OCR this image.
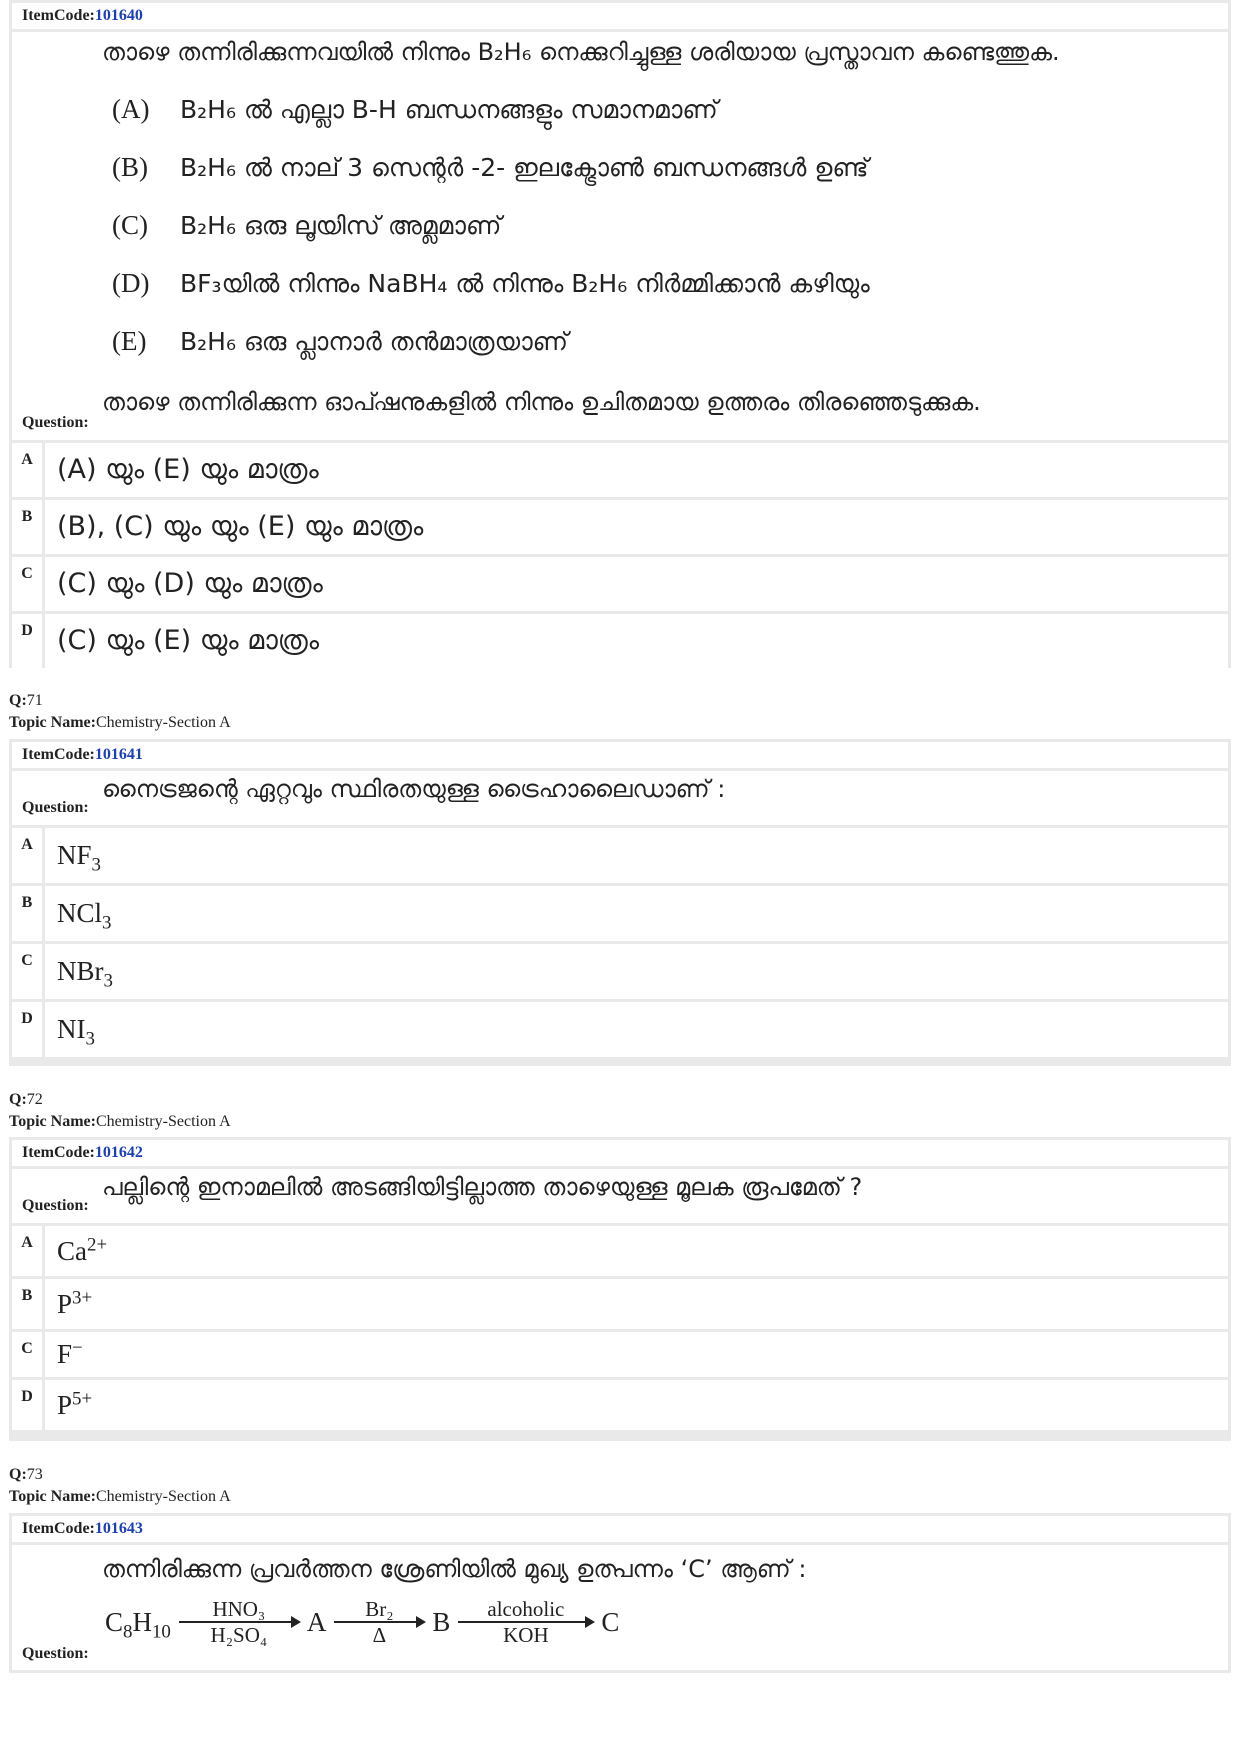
ItemCode:101640
താഴെ തന്നിരിക്കുന്നവയിൽ നിന്നും B₂H₆ നെക്കുറിച്ചുള്ള ശരിയായ പ്രസ്താവന കണ്ടെത്തുക.
(A) B₂H₆ ൽ എല്ലാ B-H ബന്ധനങ്ങളും സമാനമാണ്
(B) B₂H₆ ൽ നാല് 3 സെന്റർ -2- ഇലക്ട്രോൺ ബന്ധനങ്ങൾ ഉണ്ട്
(C) B₂H₆ ഒരു ലൂയിസ് അമ്ലമാണ്
(D) BF₃യിൽ നിന്നും NaBH₄ ൽ നിന്നും B₂H₆ നിർമ്മിക്കാൻ കഴിയും
(E) B₂H₆ ഒരു പ്ലാനാർ തൻമാത്രയാണ്
താഴെ തന്നിരിക്കുന്ന ഓപ്ഷനുകളിൽ നിന്നും ഉചിതമായ ഉത്തരം തിരഞ്ഞെടുക്കുക.
Question:
A (A) യും (E) യും മാത്രം
B (B), (C) യും യും (E) യും മാത്രം
C (C) യും (D) യും മാത്രം
D (C) യും (E) യും മാത്രം
Q:71
Topic Name:Chemistry-Section A
ItemCode:101641
നൈട്രജന്റെ ഏറ്റവും സ്ഥിരതയുള്ള ട്രൈഹാലൈഡാണ് :
Question:
A $NF_3$
B NCl$_3$
C NBr$_3$
D $NI_3$
Q:72
Topic Name:Chemistry-Section A
ItemCode:101642
പല്ലിന്റെ ഇനാമലിൽ അടങ്ങിയിട്ടില്ലാത്ത താഴെയുള്ള മൂലക രൂപമേത് ?
Question:
A $Ca^{2+}$
B $P^{3+}$
C F−
D $P^{5+}$
Q:73
Topic Name:Chemistry-Section A
ItemCode:101643
തന്നിരിക്കുന്ന പ്രവർത്തന ശ്രേണിയിൽ മുഖ്യ ഉത്പന്നം ‘C’ ആണ് :
Question:
$C_8H_{10}$
HNO₃
H₂SO₄ A Br₂
Δ B alcoholic
KOH C
